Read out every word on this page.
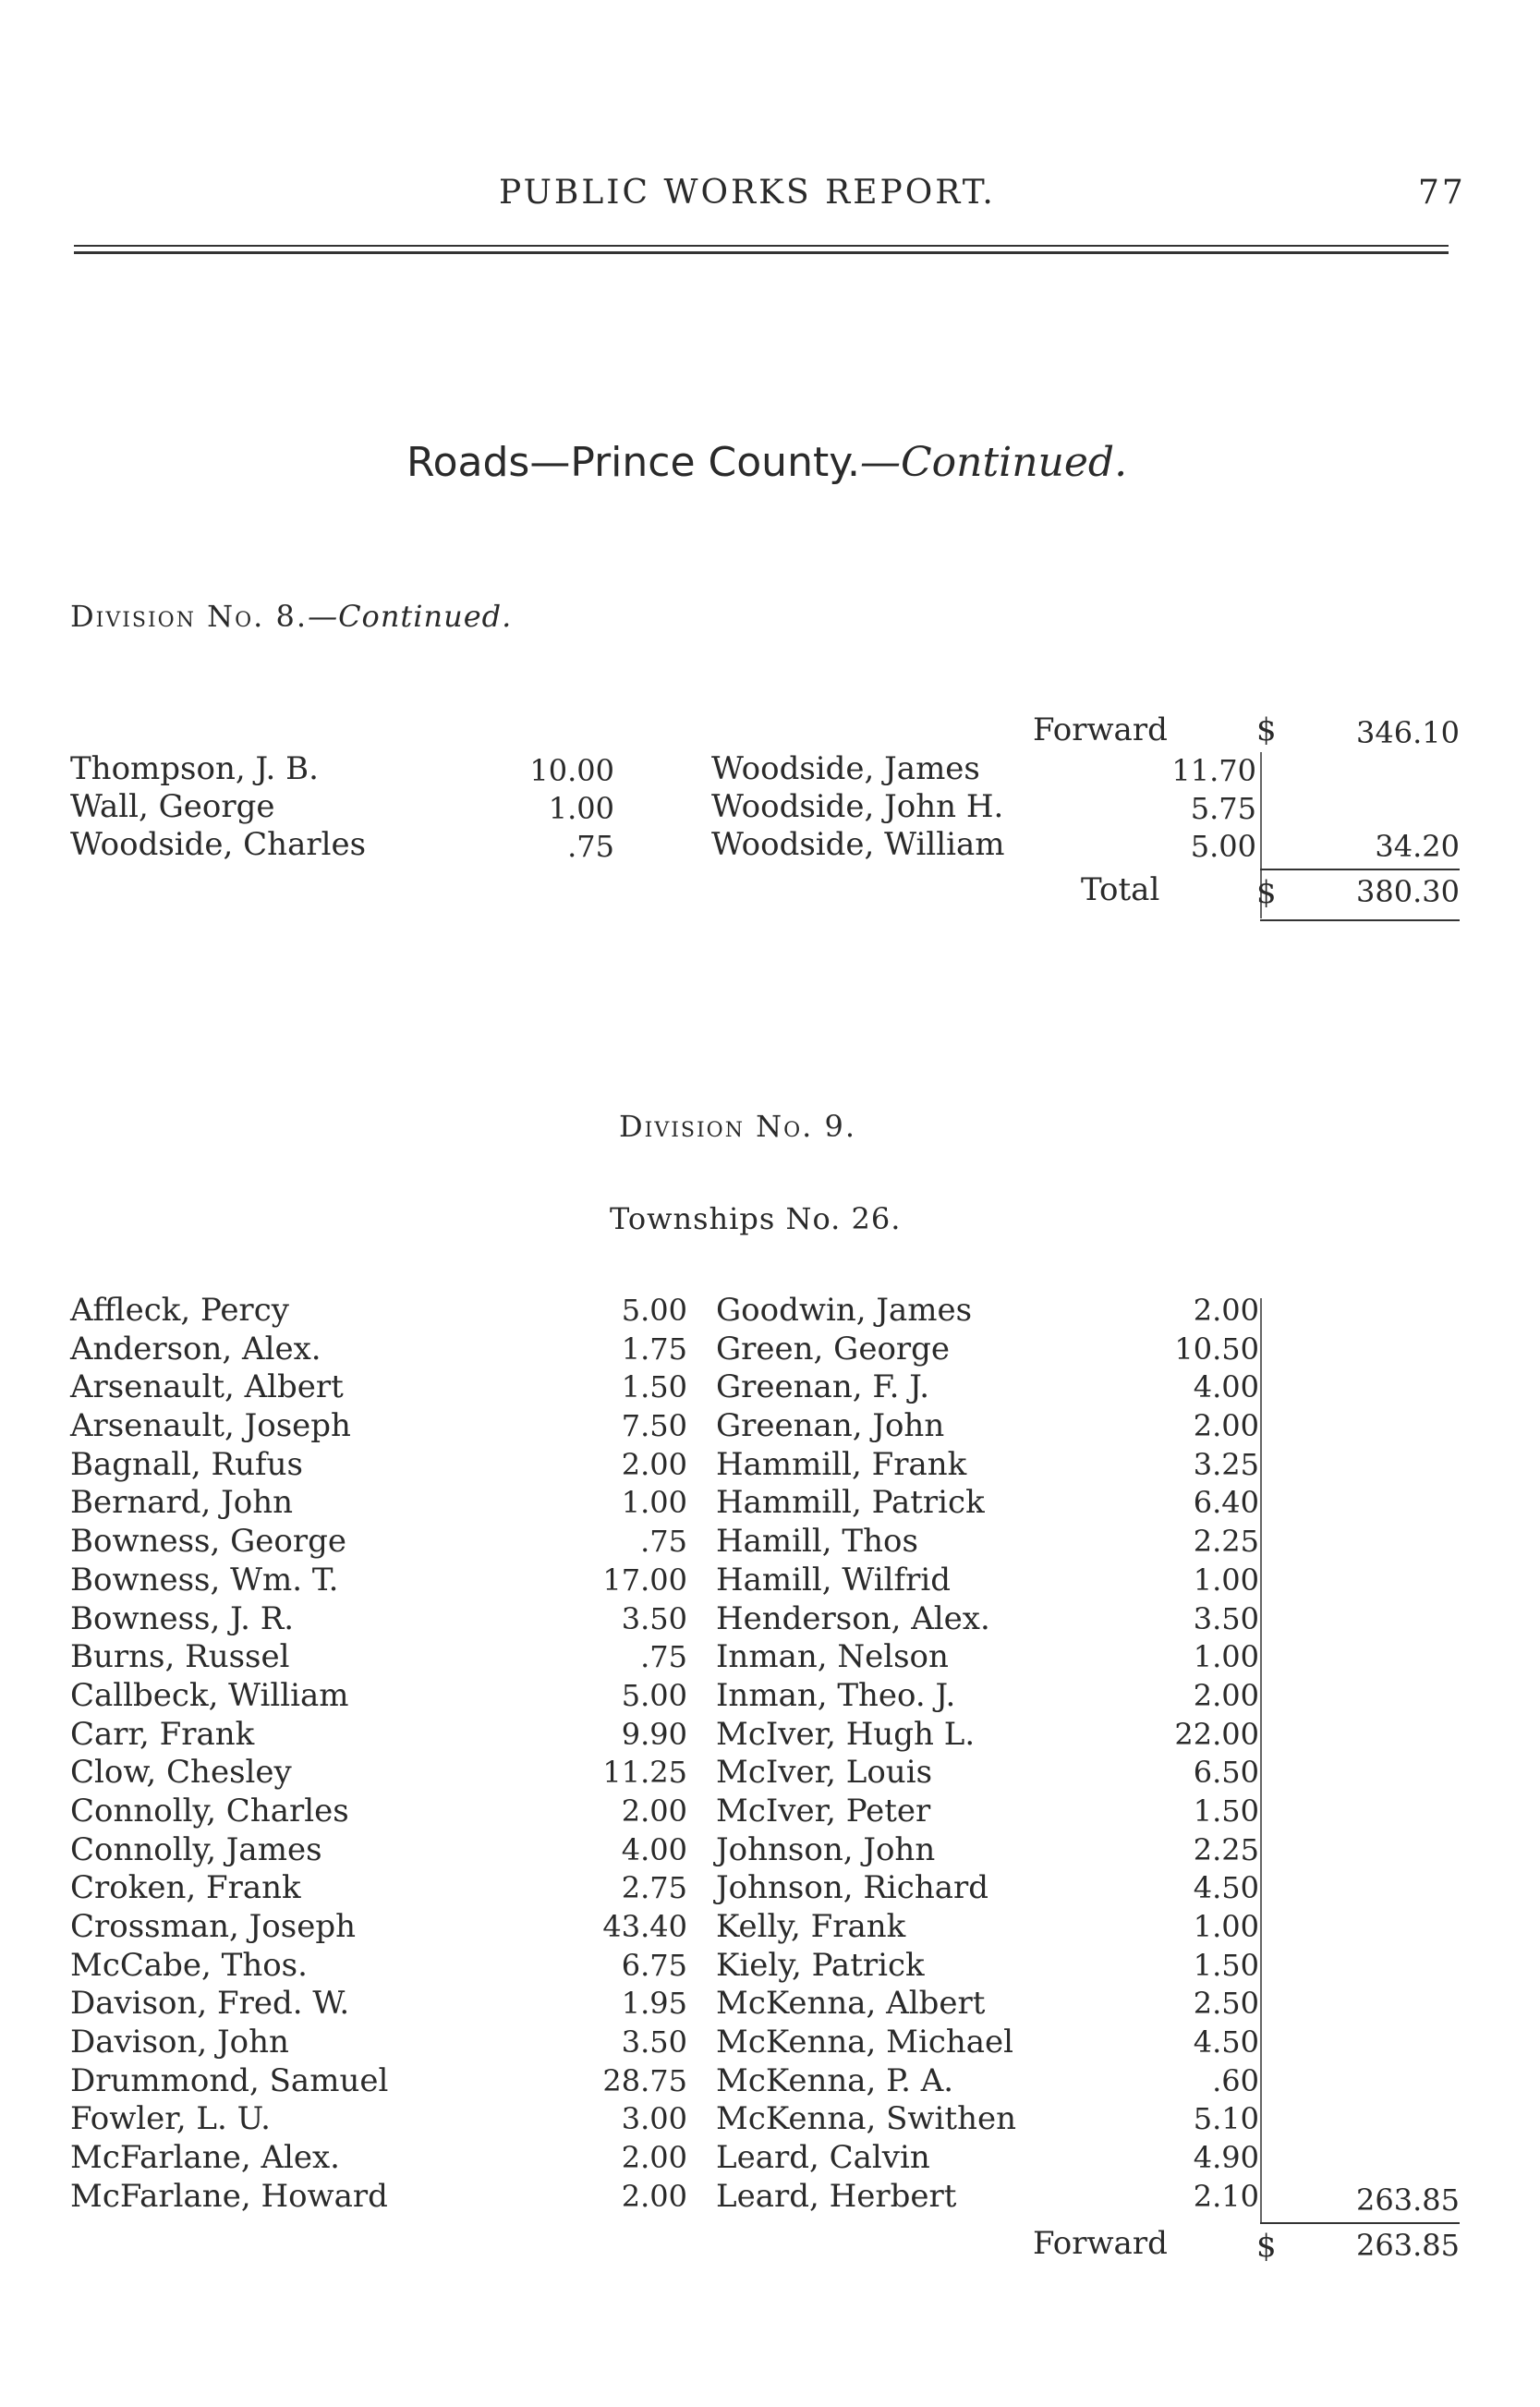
PUBLIC WORKS REPORT.	77
Roads—Prince County.—Continued.
Division No. 8.—Continued.
Forward	$	346.10
Thompson, J. B.	10.00
Wall, George	1.00
Woodside, Charles	.75
Woodside, James	11.70
Woodside, John H.	5.75
Woodside, William	5.00	34.20
Total	$	380.30
Division No. 9.
Townships No. 26.
Affleck, Percy	5.00
Anderson, Alex.	1.75
Arsenault, Albert	1.50
Arsenault, Joseph	7.50
Bagnall, Rufus	2.00
Bernard, John	1.00
Bowness, George	.75
Bowness, Wm. T.	17.00
Bowness, J. R.	3.50
Burns, Russel	.75
Callbeck, William	5.00
Carr, Frank	9.90
Clow, Chesley	11.25
Connolly, Charles	2.00
Connolly, James	4.00
Croken, Frank	2.75
Crossman, Joseph	43.40
McCabe, Thos.	6.75
Davison, Fred. W.	1.95
Davison, John	3.50
Drummond, Samuel	28.75
Fowler, L. U.	3.00
McFarlane, Alex.	2.00
McFarlane, Howard	2.00
Goodwin, James	2.00
Green, George	10.50
Greenan, F. J.	4.00
Greenan, John	2.00
Hammill, Frank	3.25
Hammill, Patrick	6.40
Hamill, Thos	2.25
Hamill, Wilfrid	1.00
Henderson, Alex.	3.50
Inman, Nelson	1.00
Inman, Theo. J.	2.00
McIver, Hugh L.	22.00
McIver, Louis	6.50
McIver, Peter	1.50
Johnson, John	2.25
Johnson, Richard	4.50
Kelly, Frank	1.00
Kiely, Patrick	1.50
McKenna, Albert	2.50
McKenna, Michael	4.50
McKenna, P. A.	.60
McKenna, Swithen	5.10
Leard, Calvin	4.90
Leard, Herbert	2.10	263.85
Forward	$	263.85
